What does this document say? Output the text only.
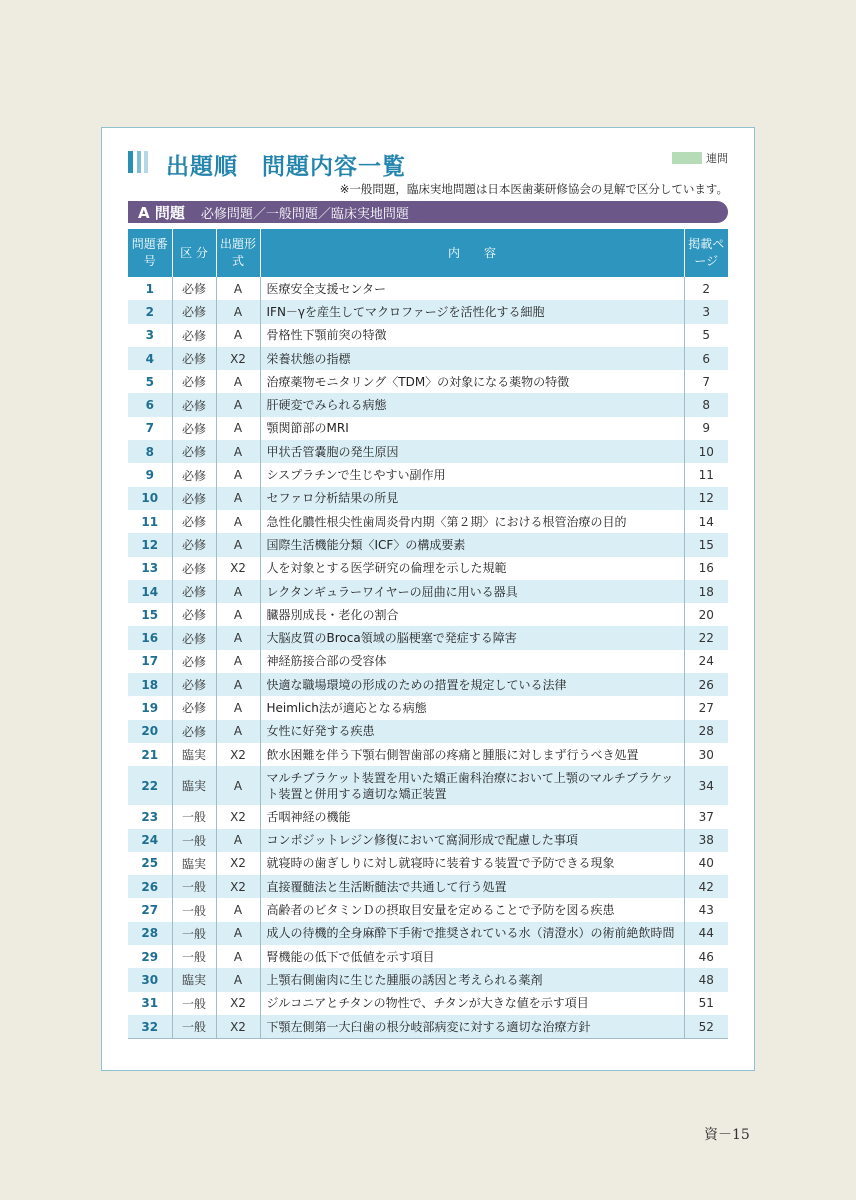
出題順　問題内容一覧	連問
※一般問題，臨床実地問題は日本医歯薬研修協会の見解で区分しています。
A 問題 必修問題／一般問題／臨床実地問題
問題番号	区 分	出題形式	内　　容	掲載ページ
1	必修	A	医療安全支援センター	2
2	必修	A	IFN－γを産生してマクロファージを活性化する細胞	3
3	必修	A	骨格性下顎前突の特徴	5
4	必修	X2	栄養状態の指標	6
5	必修	A	治療薬物モニタリング〈TDM〉の対象になる薬物の特徴	7
6	必修	A	肝硬変でみられる病態	8
7	必修	A	顎関節部のMRI	9
8	必修	A	甲状舌管嚢胞の発生原因	10
9	必修	A	シスプラチンで生じやすい副作用	11
10	必修	A	セファロ分析結果の所見	12
11	必修	A	急性化膿性根尖性歯周炎骨内期〈第２期〉における根管治療の目的	14
12	必修	A	国際生活機能分類〈ICF〉の構成要素	15
13	必修	X2	人を対象とする医学研究の倫理を示した規範	16
14	必修	A	レクタンギュラーワイヤーの屈曲に用いる器具	18
15	必修	A	臓器別成長・老化の割合	20
16	必修	A	大脳皮質のBroca領域の脳梗塞で発症する障害	22
17	必修	A	神経筋接合部の受容体	24
18	必修	A	快適な職場環境の形成のための措置を規定している法律	26
19	必修	A	Heimlich法が適応となる病態	27
20	必修	A	女性に好発する疾患	28
21	臨実	X2	飲水困難を伴う下顎右側智歯部の疼痛と腫脹に対しまず行うべき処置	30
22	臨実	A	マルチブラケット装置を用いた矯正歯科治療において上顎のマルチブラケット装置と併用する適切な矯正装置	34
23	一般	X2	舌咽神経の機能	37
24	一般	A	コンポジットレジン修復において窩洞形成で配慮した事項	38
25	臨実	X2	就寝時の歯ぎしりに対し就寝時に装着する装置で予防できる現象	40
26	一般	X2	直接覆髄法と生活断髄法で共通して行う処置	42
27	一般	A	高齢者のビタミンＤの摂取目安量を定めることで予防を図る疾患	43
28	一般	A	成人の待機的全身麻酔下手術で推奨されている水（清澄水）の術前絶飲時間	44
29	一般	A	腎機能の低下で低値を示す項目	46
30	臨実	A	上顎右側歯肉に生じた腫脹の誘因と考えられる薬剤	48
31	一般	X2	ジルコニアとチタンの物性で、チタンが大きな値を示す項目	51
32	一般	X2	下顎左側第一大臼歯の根分岐部病変に対する適切な治療方針	52
資－15
